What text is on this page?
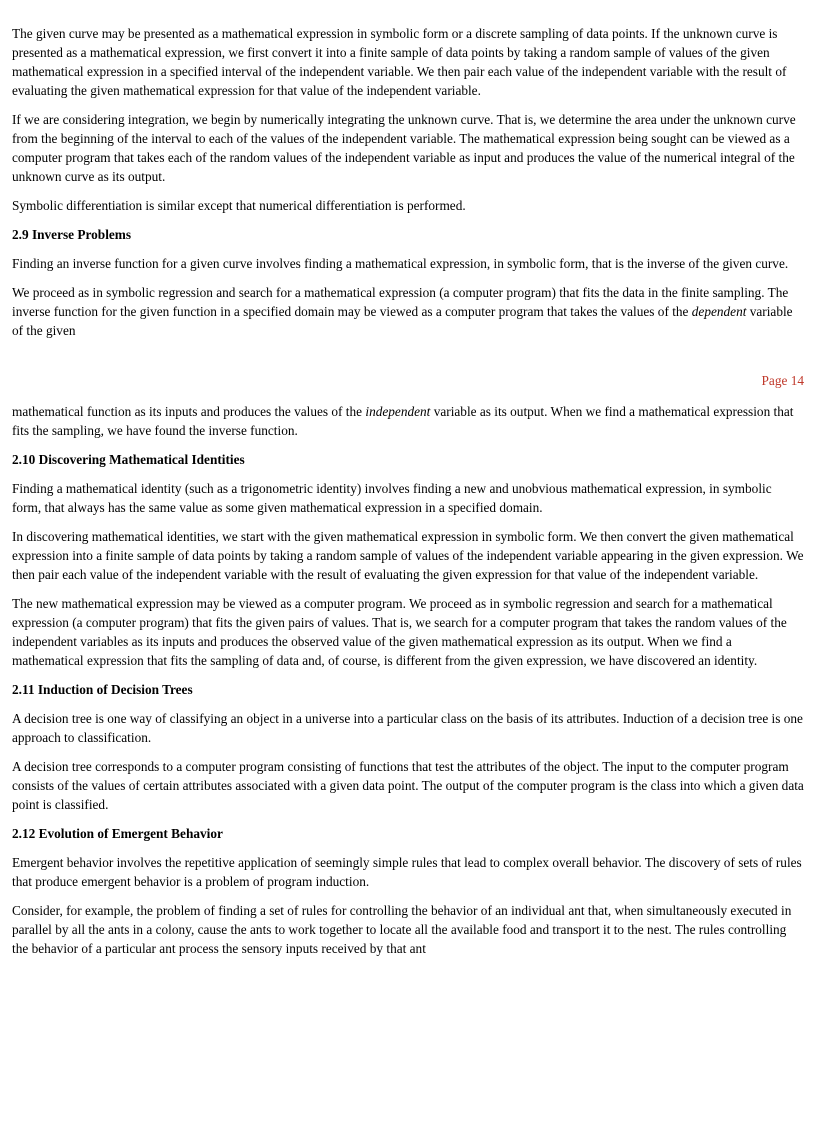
The given curve may be presented as a mathematical expression in symbolic form or a discrete sampling of data points. If the unknown curve is presented as a mathematical expression, we first convert it into a finite sample of data points by taking a random sample of values of the given mathematical expression in a specified interval of the independent variable. We then pair each value of the independent variable with the result of evaluating the given mathematical expression for that value of the independent variable.

If we are considering integration, we begin by numerically integrating the unknown curve. That is, we determine the area under the unknown curve from the beginning of the interval to each of the values of the independent variable. The mathematical expression being sought can be viewed as a computer program that takes each of the random values of the independent variable as input and produces the value of the numerical integral of the unknown curve as its output.

Symbolic differentiation is similar except that numerical differentiation is performed.

2.9 Inverse Problems

Finding an inverse function for a given curve involves finding a mathematical expression, in symbolic form, that is the inverse of the given curve.

We proceed as in symbolic regression and search for a mathematical expression (a computer program) that fits the data in the finite sampling. The inverse function for the given function in a specified domain may be viewed as a computer program that takes the values of the dependent variable of the given

Page 14

mathematical function as its inputs and produces the values of the independent variable as its output. When we find a mathematical expression that fits the sampling, we have found the inverse function.

2.10 Discovering Mathematical Identities

Finding a mathematical identity (such as a trigonometric identity) involves finding a new and unobvious mathematical expression, in symbolic form, that always has the same value as some given mathematical expression in a specified domain.

In discovering mathematical identities, we start with the given mathematical expression in symbolic form. We then convert the given mathematical expression into a finite sample of data points by taking a random sample of values of the independent variable appearing in the given expression. We then pair each value of the independent variable with the result of evaluating the given expression for that value of the independent variable.

The new mathematical expression may be viewed as a computer program. We proceed as in symbolic regression and search for a mathematical expression (a computer program) that fits the given pairs of values. That is, we search for a computer program that takes the random values of the independent variables as its inputs and produces the observed value of the given mathematical expression as its output. When we find a mathematical expression that fits the sampling of data and, of course, is different from the given expression, we have discovered an identity.

2.11 Induction of Decision Trees

A decision tree is one way of classifying an object in a universe into a particular class on the basis of its attributes. Induction of a decision tree is one approach to classification.

A decision tree corresponds to a computer program consisting of functions that test the attributes of the object. The input to the computer program consists of the values of certain attributes associated with a given data point. The output of the computer program is the class into which a given data point is classified.

2.12 Evolution of Emergent Behavior

Emergent behavior involves the repetitive application of seemingly simple rules that lead to complex overall behavior. The discovery of sets of rules that produce emergent behavior is a problem of program induction.

Consider, for example, the problem of finding a set of rules for controlling the behavior of an individual ant that, when simultaneously executed in parallel by all the ants in a colony, cause the ants to work together to locate all the available food and transport it to the nest. The rules controlling the behavior of a particular ant process the sensory inputs received by that ant
